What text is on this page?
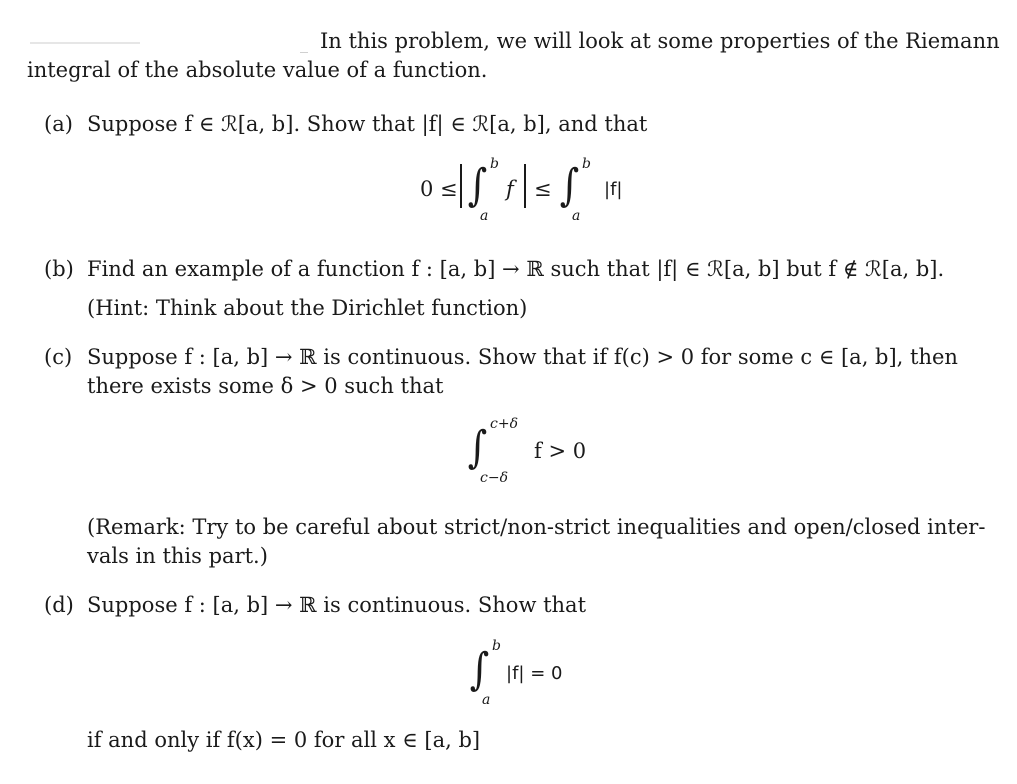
In this problem, we will look at some properties of the Riemann
integral of the absolute value of a function.
(a) Suppose f ∈ ℛ[a, b]. Show that |f| ∈ ℛ[a, b], and that
0 ≤ ∫ b
a
f ≤ ∫ b
a
|f|
(b) Find an example of a function f : [a, b] → ℝ such that |f| ∈ ℛ[a, b] but f ∉ ℛ[a, b].
(Hint: Think about the Dirichlet function)
(c) Suppose f : [a, b] → ℝ is continuous. Show that if f(c) > 0 for some c ∈ [a, b], then
there exists some δ > 0 such that
∫ c+δ
c−δ
f > 0
(Remark: Try to be careful about strict/non-strict inequalities and open/closed inter-
vals in this part.)
(d) Suppose f : [a, b] → ℝ is continuous. Show that
∫ b
a
|f| = 0
if and only if f(x) = 0 for all x ∈ [a, b]
